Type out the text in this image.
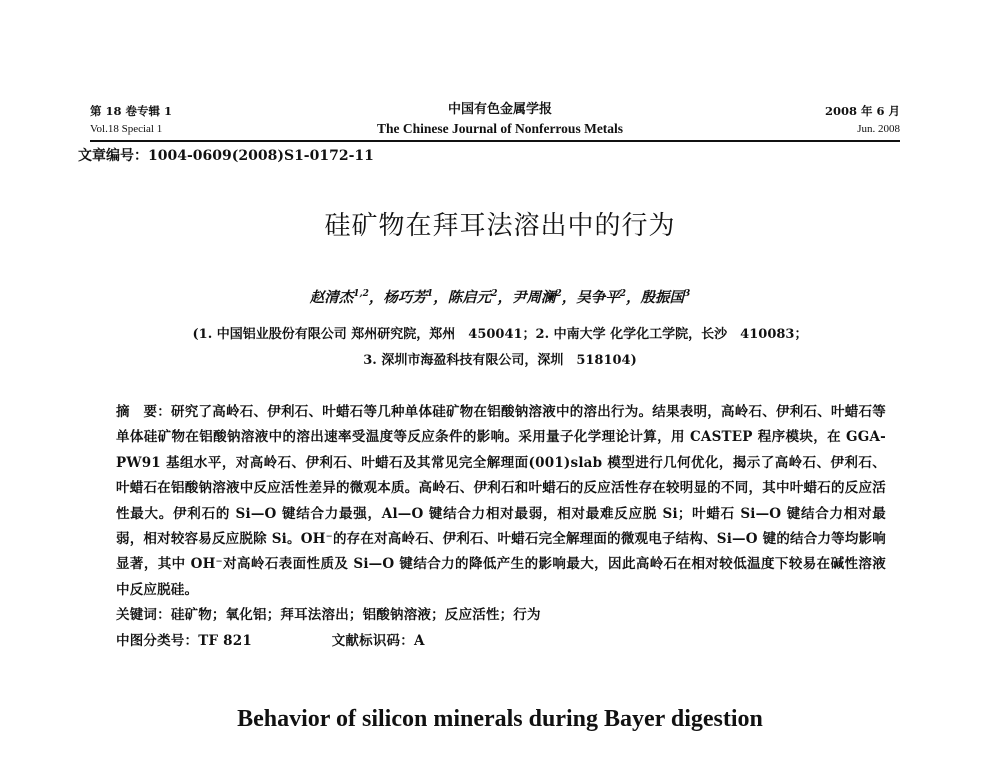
第 18 卷专辑 1
Vol.18 Special 1
中国有色金属学报
The Chinese Journal of Nonferrous Metals
2008 年 6 月
Jun. 2008
文章编号：1004-0609(2008)S1-0172-11
硅矿物在拜耳法溶出中的行为
赵清杰$^{1,2}$，杨巧芳$^1$，陈启元$^2$，尹周澜$^2$，吴争平$^2$，殷振国$^3$
(1. 中国铝业股份有限公司 郑州研究院，郑州　450041；2. 中南大学 化学化工学院，长沙　410083；
3. 深圳市海盈科技有限公司，深圳　518104)

摘　要：研究了高岭石、伊利石、叶蜡石等几种单体硅矿物在铝酸钠溶液中的溶出行为。结果表明，高岭石、伊利石、叶蜡石等单体硅矿物在铝酸钠溶液中的溶出速率受温度等反应条件的影响。采用量子化学理论计算，用 CASTEP 程序模块，在 GGA-PW91 基组水平，对高岭石、伊利石、叶蜡石及其常见完全解理面(001)slab 模型进行几何优化，揭示了高岭石、伊利石、叶蜡石在铝酸钠溶液中反应活性差异的微观本质。高岭石、伊利石和叶蜡石的反应活性存在较明显的不同，其中叶蜡石的反应活性最大。伊利石的 Si—O 键结合力最强，Al—O 键结合力相对最弱，相对最难反应脱 Si；叶蜡石 Si—O 键结合力相对最弱，相对较容易反应脱除 Si。OH⁻的存在对高岭石、伊利石、叶蜡石完全解理面的微观电子结构、Si—O 键的结合力等均影响显著，其中 OH⁻对高岭石表面性质及 Si—O 键结合力的降低产生的影响最大，因此高岭石在相对较低温度下较易在碱性溶液中反应脱硅。

关键词：硅矿物；氧化铝；拜耳法溶出；铝酸钠溶液；反应活性；行为

中图分类号：TF 821	文献标识码：A

Behavior of silicon minerals during Bayer digestion
